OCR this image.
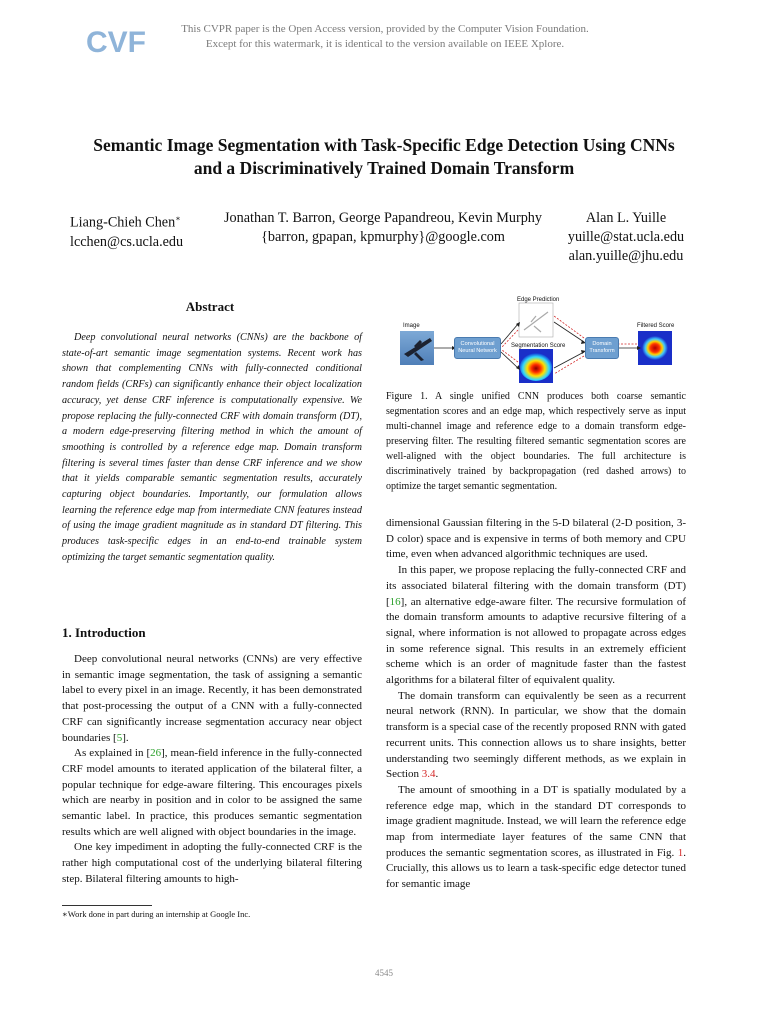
CVF	This CVPR paper is the Open Access version, provided by the Computer Vision Foundation.
Except for this watermark, it is identical to the version available on IEEE Xplore.
Semantic Image Segmentation with Task-Specific Edge Detection Using CNNs
and a Discriminatively Trained Domain Transform
Liang-Chieh Chen∗
lcchen@cs.ucla.edu
Jonathan T. Barron, George Papandreou, Kevin Murphy
{barron, gpapan, kpmurphy}@google.com
Alan L. Yuille
yuille@stat.ucla.edu
alan.yuille@jhu.edu
Abstract
Deep convolutional neural networks (CNNs) are the backbone of state-of-art semantic image segmentation systems. Recent work has shown that complementing CNNs with fully-connected conditional random fields (CRFs) can significantly enhance their object localization accuracy, yet dense CRF inference is computationally expensive. We propose replacing the fully-connected CRF with domain transform (DT), a modern edge-preserving filtering method in which the amount of smoothing is controlled by a reference edge map. Domain transform filtering is several times faster than dense CRF inference and we show that it yields comparable semantic segmentation results, accurately capturing object boundaries. Importantly, our formulation allows learning the reference edge map from intermediate CNN features instead of using the image gradient magnitude as in standard DT filtering. This produces task-specific edges in an end-to-end trainable system optimizing the target semantic segmentation quality.
1. Introduction

Deep convolutional neural networks (CNNs) are very effective in semantic image segmentation, the task of assigning a semantic label to every pixel in an image. Recently, it has been demonstrated that post-processing the output of a CNN with a fully-connected CRF can significantly increase segmentation accuracy near object boundaries [5].

As explained in [26], mean-field inference in the fully-connected CRF model amounts to iterated application of the bilateral filter, a popular technique for edge-aware filtering. This encourages pixels which are nearby in position and in color to be assigned the same semantic label. In practice, this produces semantic segmentation results which are well aligned with object boundaries in the image.

One key impediment in adopting the fully-connected CRF is the rather high computational cost of the underlying bilateral filtering step. Bilateral filtering amounts to high-

∗Work done in part during an internship at Google Inc.
Image
Edge Prediction
Segmentation Score
Filtered Score
Convolutional Neural Network
Domain Transform
Figure 1. A single unified CNN produces both coarse semantic segmentation scores and an edge map, which respectively serve as input multi-channel image and reference edge to a domain transform edge-preserving filter. The resulting filtered semantic segmentation scores are well-aligned with the object boundaries. The full architecture is discriminatively trained by backpropagation (red dashed arrows) to optimize the target semantic segmentation.

dimensional Gaussian filtering in the 5-D bilateral (2-D position, 3-D color) space and is expensive in terms of both memory and CPU time, even when advanced algorithmic techniques are used.

In this paper, we propose replacing the fully-connected CRF and its associated bilateral filtering with the domain transform (DT) [16], an alternative edge-aware filter. The recursive formulation of the domain transform amounts to adaptive recursive filtering of a signal, where information is not allowed to propagate across edges in some reference signal. This results in an extremely efficient scheme which is an order of magnitude faster than the fastest algorithms for a bilateral filter of equivalent quality.

The domain transform can equivalently be seen as a recurrent neural network (RNN). In particular, we show that the domain transform is a special case of the recently proposed RNN with gated recurrent units. This connection allows us to share insights, better understanding two seemingly different methods, as we explain in Section 3.4.

The amount of smoothing in a DT is spatially modulated by a reference edge map, which in the standard DT corresponds to image gradient magnitude. Instead, we will learn the reference edge map from intermediate layer features of the same CNN that produces the semantic segmentation scores, as illustrated in Fig. 1. Crucially, this allows us to learn a task-specific edge detector tuned for semantic image

4545
